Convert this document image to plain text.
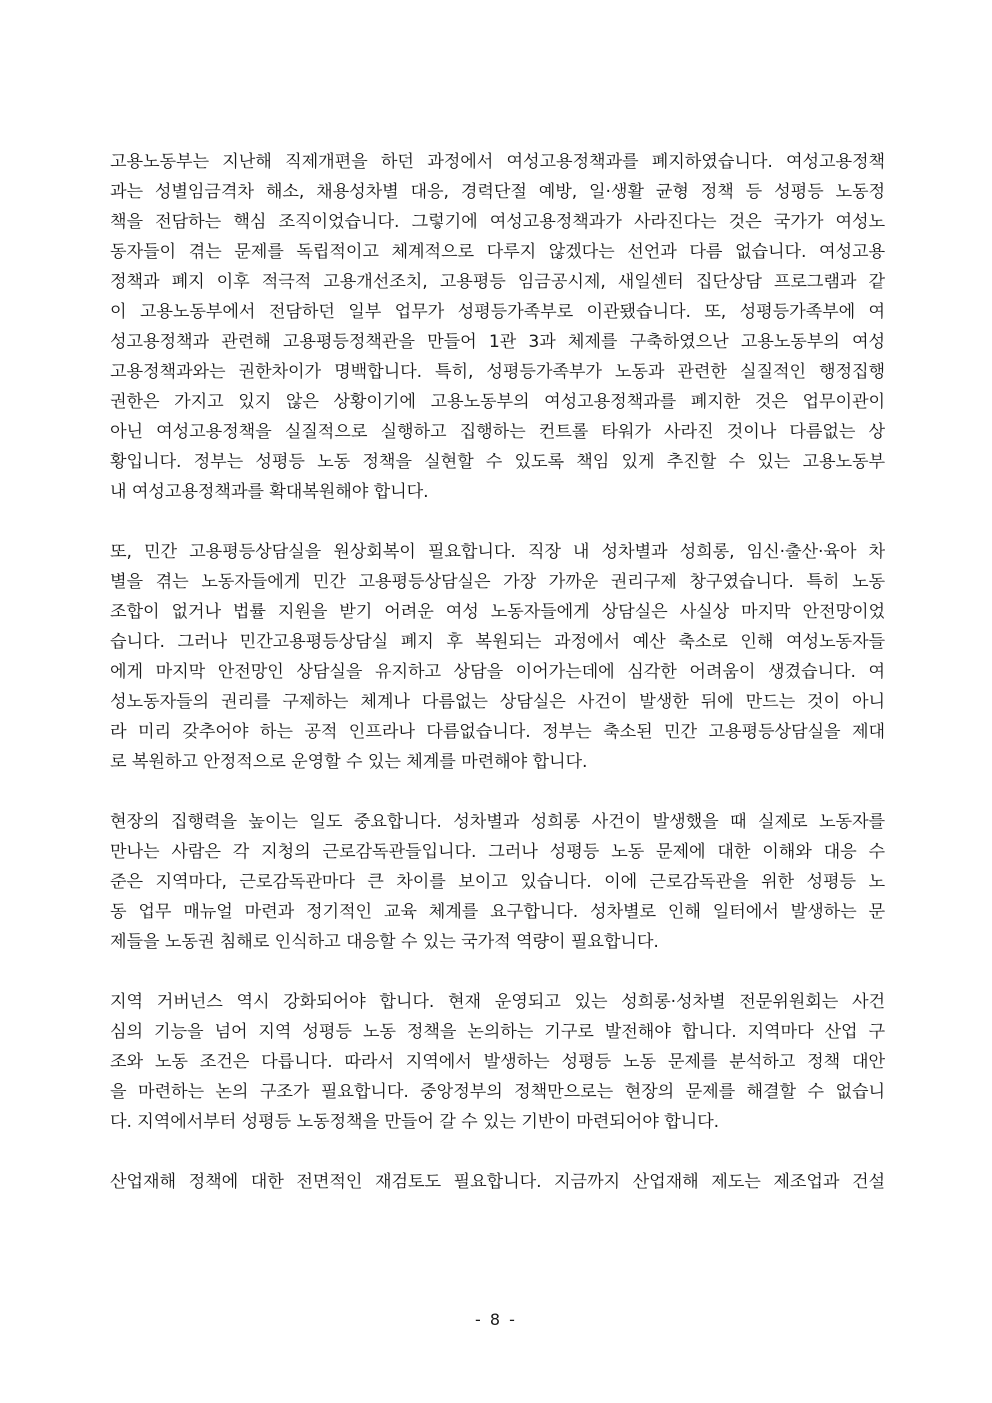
고용노동부는 지난해 직제개편을 하던 과정에서 여성고용정책과를 폐지하였습니다. 여성고용정책
과는 성별임금격차 해소, 채용성차별 대응, 경력단절 예방, 일·생활 균형 정책 등 성평등 노동정
책을 전담하는 핵심 조직이었습니다. 그렇기에 여성고용정책과가 사라진다는 것은 국가가 여성노
동자들이 겪는 문제를 독립적이고 체계적으로 다루지 않겠다는 선언과 다름 없습니다. 여성고용
정책과 폐지 이후 적극적 고용개선조치, 고용평등 임금공시제, 새일센터 집단상담 프로그램과 같
이 고용노동부에서 전담하던 일부 업무가 성평등가족부로 이관됐습니다. 또, 성평등가족부에 여
성고용정책과 관련해 고용평등정책관을 만들어 1관 3과 체제를 구축하였으난 고용노동부의 여성
고용정책과와는 권한차이가 명백합니다. 특히, 성평등가족부가 노동과 관련한 실질적인 행정집행
권한은 가지고 있지 않은 상황이기에 고용노동부의 여성고용정책과를 폐지한 것은 업무이관이
아닌 여성고용정책을 실질적으로 실행하고 집행하는 컨트롤 타워가 사라진 것이나 다름없는 상
황입니다. 정부는 성평등 노동 정책을 실현할 수 있도록 책임 있게 추진할 수 있는 고용노동부
내 여성고용정책과를 확대복원해야 합니다.
또, 민간 고용평등상담실을 원상회복이 필요합니다. 직장 내 성차별과 성희롱, 임신·출산·육아 차
별을 겪는 노동자들에게 민간 고용평등상담실은 가장 가까운 권리구제 창구였습니다. 특히 노동
조합이 없거나 법률 지원을 받기 어려운 여성 노동자들에게 상담실은 사실상 마지막 안전망이었
습니다. 그러나 민간고용평등상담실 폐지 후 복원되는 과정에서 예산 축소로 인해 여성노동자들
에게 마지막 안전망인 상담실을 유지하고 상담을 이어가는데에 심각한 어려움이 생겼습니다. 여
성노동자들의 권리를 구제하는 체계나 다름없는 상담실은 사건이 발생한 뒤에 만드는 것이 아니
라 미리 갖추어야 하는 공적 인프라나 다름없습니다. 정부는 축소된 민간 고용평등상담실을 제대
로 복원하고 안정적으로 운영할 수 있는 체계를 마련해야 합니다.
현장의 집행력을 높이는 일도 중요합니다. 성차별과 성희롱 사건이 발생했을 때 실제로 노동자를
만나는 사람은 각 지청의 근로감독관들입니다. 그러나 성평등 노동 문제에 대한 이해와 대응 수
준은 지역마다, 근로감독관마다 큰 차이를 보이고 있습니다. 이에 근로감독관을 위한 성평등 노
동 업무 매뉴얼 마련과 정기적인 교육 체계를 요구합니다. 성차별로 인해 일터에서 발생하는 문
제들을 노동권 침해로 인식하고 대응할 수 있는 국가적 역량이 필요합니다.
지역 거버넌스 역시 강화되어야 합니다. 현재 운영되고 있는 성희롱·성차별 전문위원회는 사건
심의 기능을 넘어 지역 성평등 노동 정책을 논의하는 기구로 발전해야 합니다. 지역마다 산업 구
조와 노동 조건은 다릅니다. 따라서 지역에서 발생하는 성평등 노동 문제를 분석하고 정책 대안
을 마련하는 논의 구조가 필요합니다. 중앙정부의 정책만으로는 현장의 문제를 해결할 수 없습니
다. 지역에서부터 성평등 노동정책을 만들어 갈 수 있는 기반이 마련되어야 합니다.
산업재해 정책에 대한 전면적인 재검토도 필요합니다. 지금까지 산업재해 제도는 제조업과 건설
- 8 -
